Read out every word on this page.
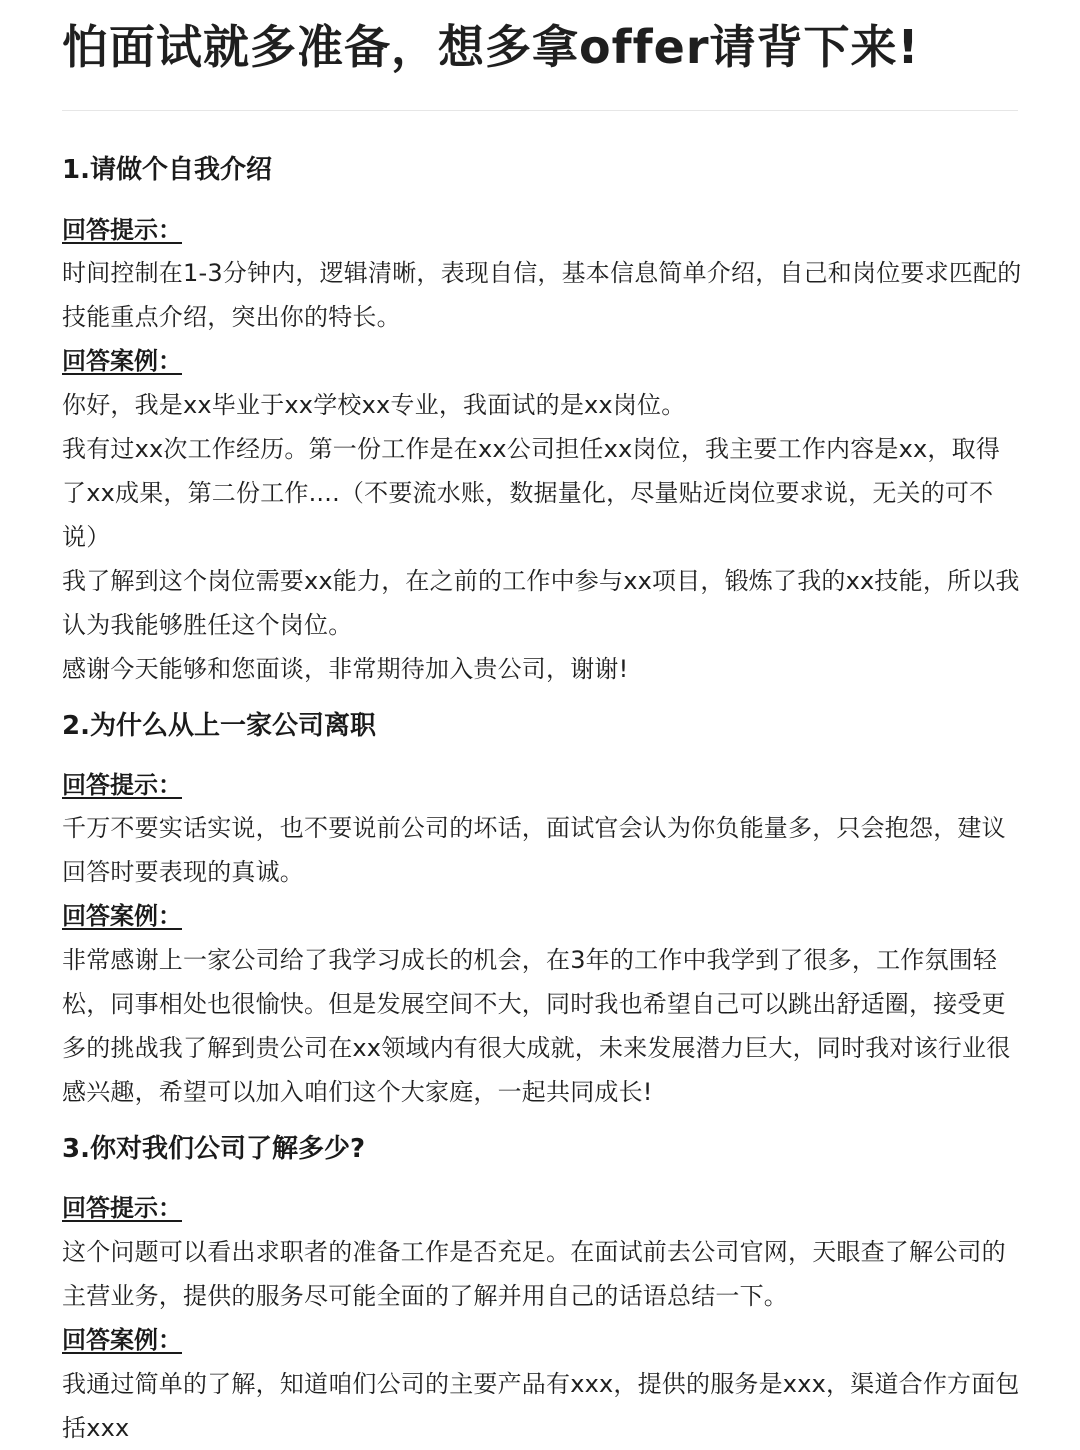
怕面试就多准备，想多拿offer请背下来!
1.请做个自我介绍
回答提示：

时间控制在1-3分钟内，逻辑清晰，表现自信，基本信息简单介绍，自己和岗位要求匹配的技能重点介绍，突出你的特长。

回答案例：

你好，我是xx毕业于xx学校xx专业，我面试的是xx岗位。

我有过xx次工作经历。第一份工作是在xx公司担任xx岗位，我主要工作内容是xx，取得了xx成果，第二份工作....（不要流水账，数据量化，尽量贴近岗位要求说，无关的可不说）

我了解到这个岗位需要xx能力，在之前的工作中参与xx项目，锻炼了我的xx技能，所以我认为我能够胜任这个岗位。

感谢今天能够和您面谈，非常期待加入贵公司，谢谢!

2.为什么从上一家公司离职
回答提示：

千万不要实话实说，也不要说前公司的坏话，面试官会认为你负能量多，只会抱怨，建议回答时要表现的真诚。

回答案例：

非常感谢上一家公司给了我学习成长的机会，在3年的工作中我学到了很多，工作氛围轻松，同事相处也很愉快。但是发展空间不大，同时我也希望自己可以跳出舒适圈，接受更多的挑战我了解到贵公司在xx领域内有很大成就，未来发展潜力巨大，同时我对该行业很感兴趣，希望可以加入咱们这个大家庭，一起共同成长!

3.你对我们公司了解多少?
回答提示：

这个问题可以看出求职者的准备工作是否充足。在面试前去公司官网，天眼查了解公司的主营业务，提供的服务尽可能全面的了解并用自己的话语总结一下。

回答案例：

我通过简单的了解，知道咱们公司的主要产品有xxx，提供的服务是xxx，渠道合作方面包括xxx
